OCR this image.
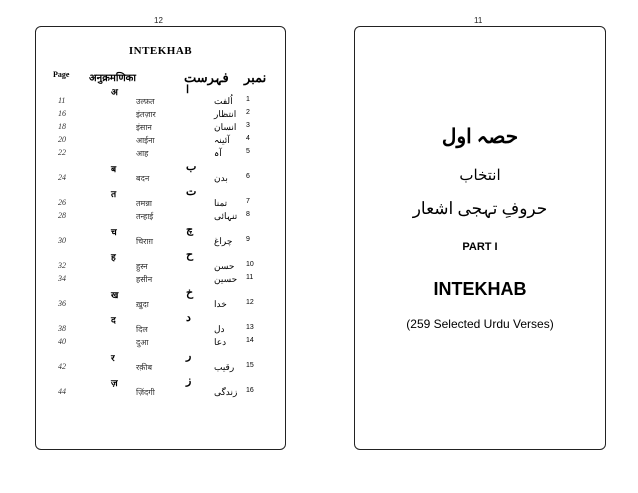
12	11
INTEKHAB
Page अनुक्रमणिका	فہرست نمبر
अ	ا
11	उल्फ़त	اُلفت 1
16	इंतज़ार	انتظار 2
18	इंसान	انسان 3
20	आईना	آئینہ 4
22	आह	آہ	5
ब	ب
24	बदन	بدن	6
त	ت
26	तमन्ना	تمنا	7
28	तन्हाई	تنہائی 8
च	چ
30	चिराग़	چراغ 9
ह	ح
32	हुस्न	حسن 10
34	हसीन	حسین 11
ख	خ
36	ख़ुदा	خدا	12
द	د
38	दिल	دل	13
40	दुआ	دعا	14
र	ر
42	रक़ीब	رقیب 15
ज़	ز
44	ज़िंदगी	زندگی 16
حصہ اول
انتخاب
حروفِ تہجی اشعار
PART I
INTEKHAB
(259 Selected Urdu Verses)
